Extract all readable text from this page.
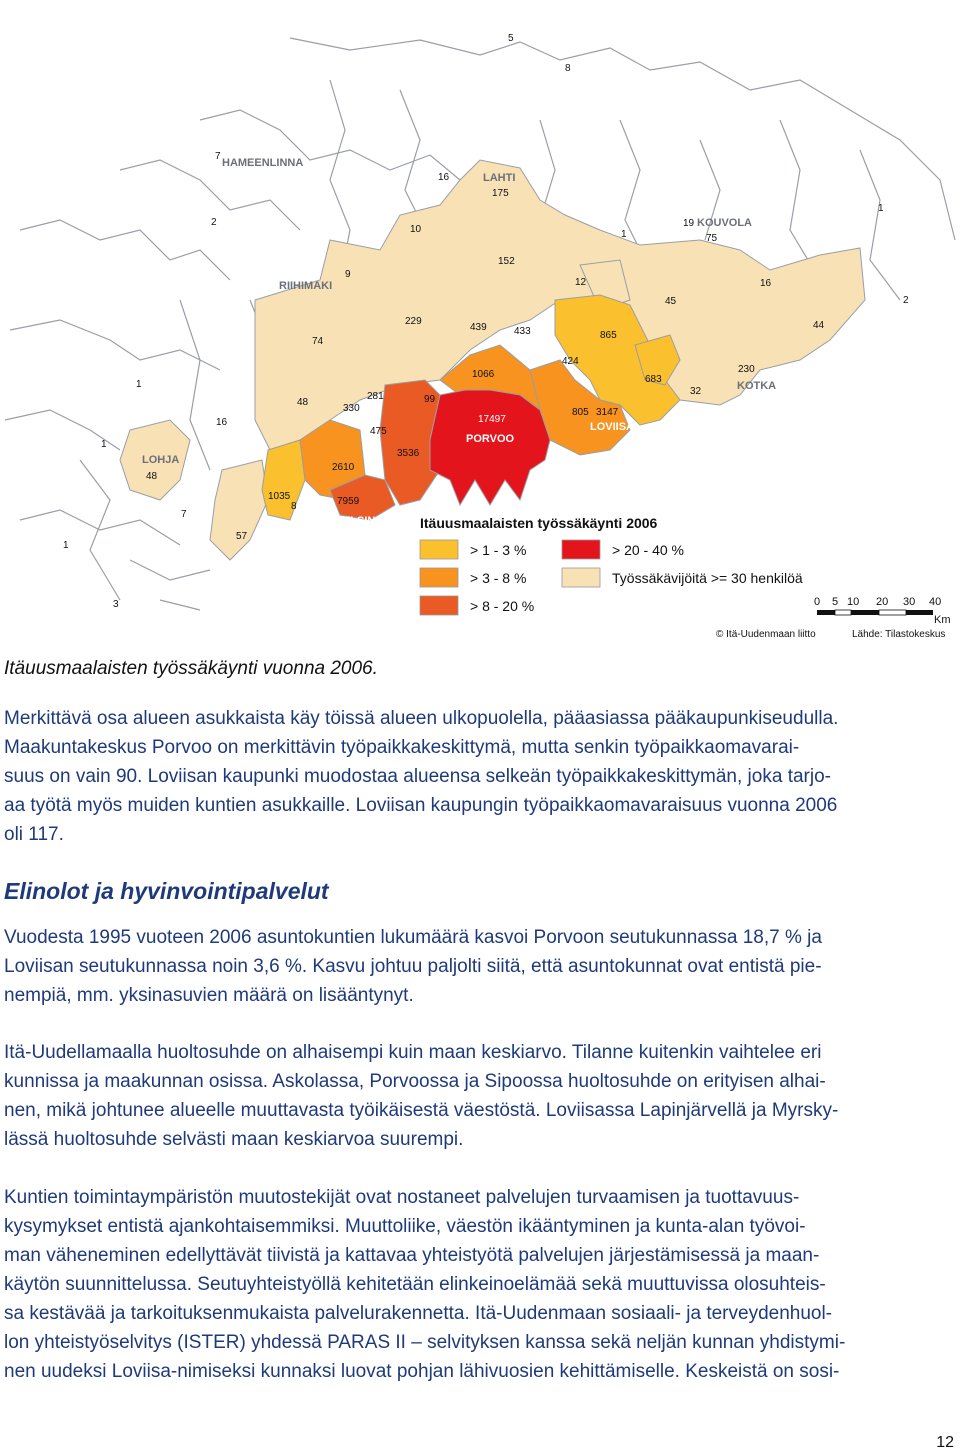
HAMEENLINNA
LAHTI
KOUVOLA
RIIHIMAKI
KOTKA
LOVIISA
PORVOO
LOHJA
HELSINKI
5
8
7
16
175
19
75
1
2
10
152
1
9
12
45
16
2
229
439	433	865
44
74
424
230
683
1
1066
32
48
330
281	99
17497
805 3147
16
475
3536
1
48
2610
1035
8	7959
7
57
1
3
Itäuusmaalaisten työssäkäynti 2006
> 1 - 3 %	> 20 - 40 %
> 3 - 8 %	Työssäkävijöitä >= 30 henkilöä
> 8 - 20 %	0 5 10 20 30 40
Km
© Itä-Uudenmaan liitto	Lähde: Tilastokeskus
Itäuusmaalaisten työssäkäynti vuonna 2006.
Merkittävä osa alueen asukkaista käy töissä alueen ulkopuolella, pääasiassa pääkaupunkiseudulla.
Maakuntakeskus Porvoo on merkittävin työpaikkakeskittymä, mutta senkin työpaikkaomavarai-
suus on vain 90. Loviisan kaupunki muodostaa alueensa selkeän työpaikkakeskittymän, joka tarjo-
aa työtä myös muiden kuntien asukkaille. Loviisan kaupungin työpaikkaomavaraisuus vuonna 2006
oli 117.
Elinolot ja hyvinvointipalvelut
Vuodesta 1995 vuoteen 2006 asuntokuntien lukumäärä kasvoi Porvoon seutukunnassa 18,7 % ja
Loviisan seutukunnassa noin 3,6 %. Kasvu johtuu paljolti siitä, että asuntokunnat ovat entistä pie-
nempiä, mm. yksinasuvien määrä on lisääntynyt.
Itä-Uudellamaalla huoltosuhde on alhaisempi kuin maan keskiarvo. Tilanne kuitenkin vaihtelee eri
kunnissa ja maakunnan osissa. Askolassa, Porvoossa ja Sipoossa huoltosuhde on erityisen alhai-
nen, mikä johtunee alueelle muuttavasta työikäisestä väestöstä. Loviisassa Lapinjärvellä ja Myrsky-
lässä huoltosuhde selvästi maan keskiarvoa suurempi.
Kuntien toimintaympäristön muutostekijät ovat nostaneet palvelujen turvaamisen ja tuottavuus-
kysymykset entistä ajankohtaisemmiksi. Muuttoliike, väestön ikääntyminen ja kunta-alan työvoi-
man väheneminen edellyttävät tiivistä ja kattavaa yhteistyötä palvelujen järjestämisessä ja maan-
käytön suunnittelussa. Seutuyhteistyöllä kehitetään elinkeinoelämää sekä muuttuvissa olosuhteis-
sa kestävää ja tarkoituksenmukaista palvelurakennetta. Itä-Uudenmaan sosiaali- ja terveydenhuol-
lon yhteistyöselvitys (ISTER) yhdessä PARAS II – selvityksen kanssa sekä neljän kunnan yhdistymi-
nen uudeksi Loviisa-nimiseksi kunnaksi luovat pohjan lähivuosien kehittämiselle. Keskeistä on sosi-
12
